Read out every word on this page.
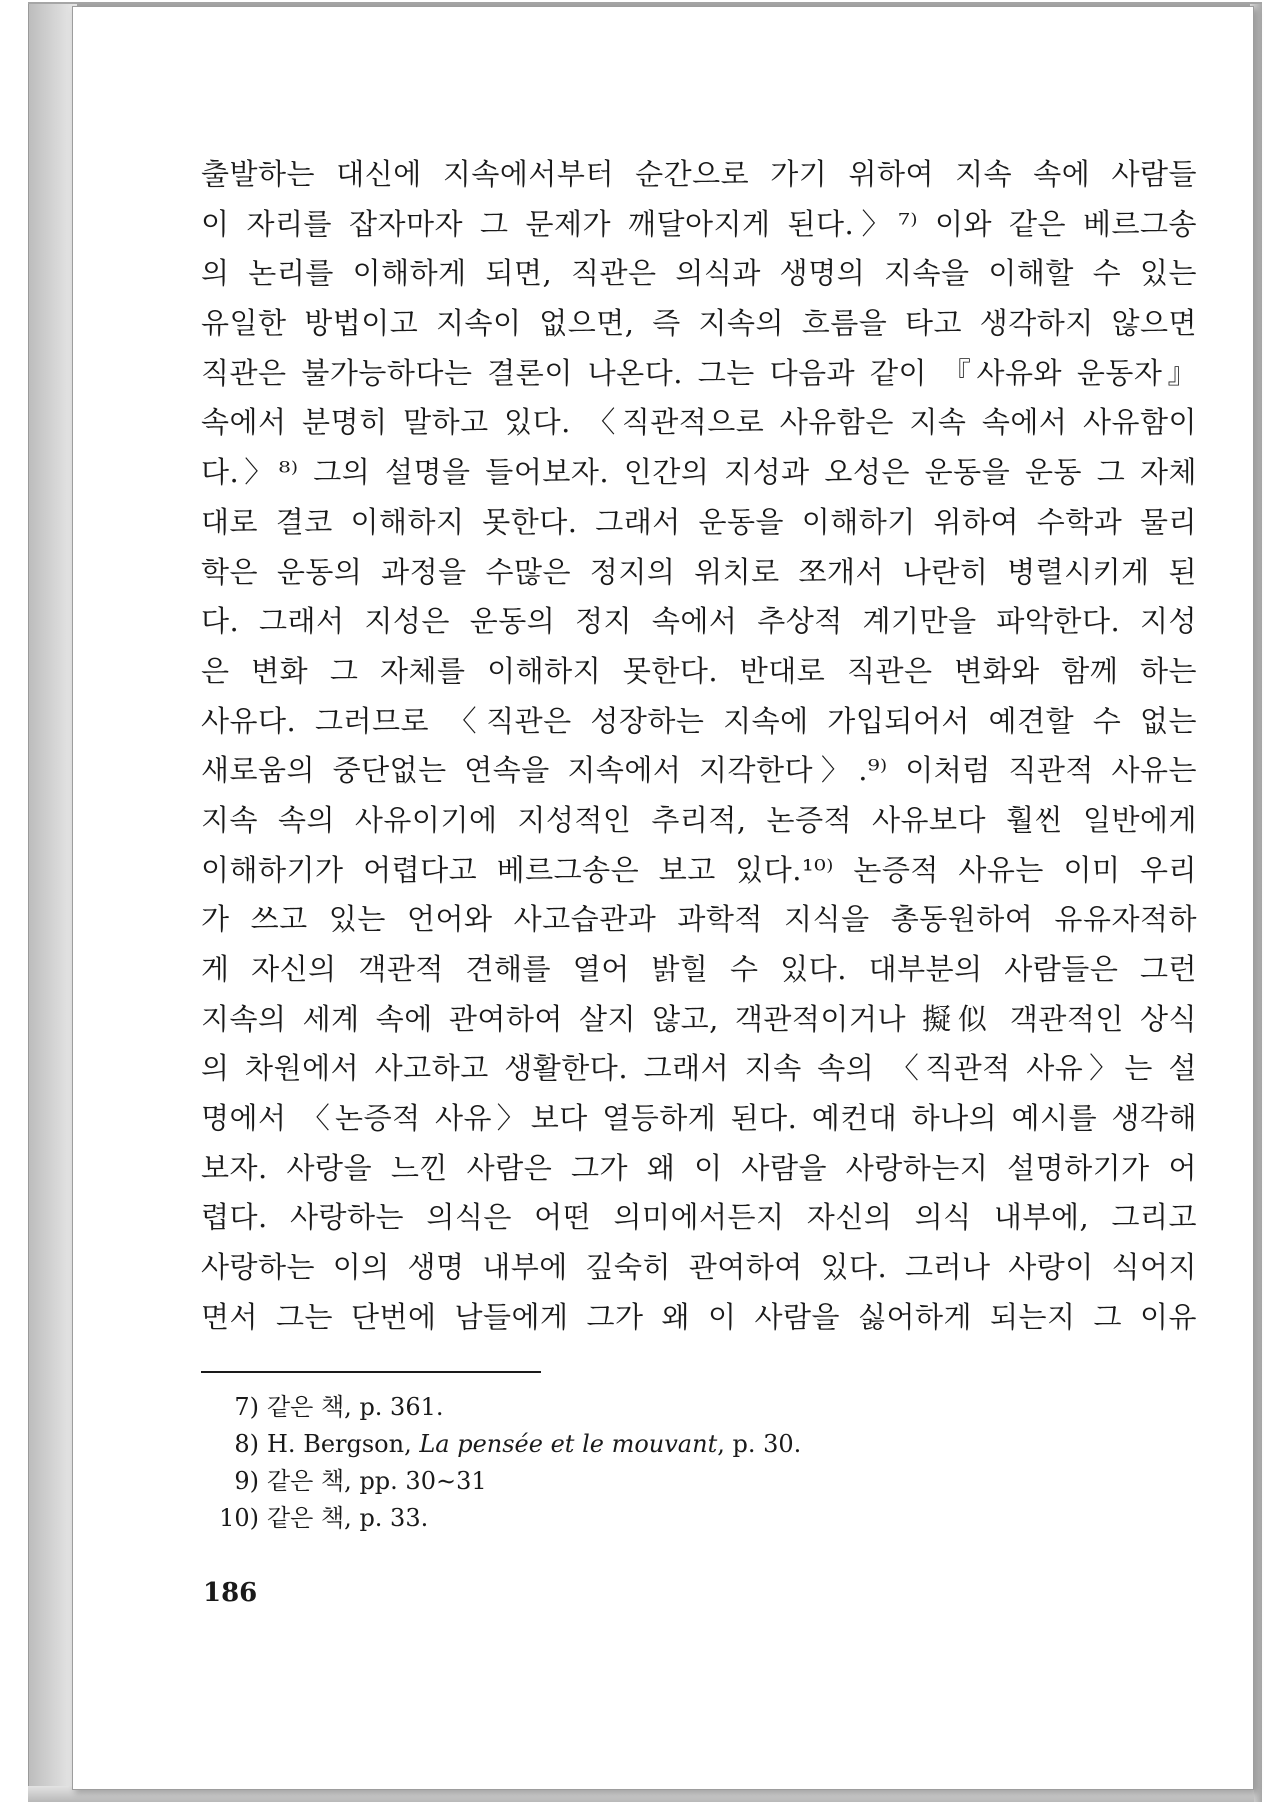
출발하는 대신에 지속에서부터 순간으로 가기 위하여 지속 속에 사람들
이 자리를 잡자마자 그 문제가 깨달아지게 된다.〉⁷⁾ 이와 같은 베르그송
의 논리를 이해하게 되면, 직관은 의식과 생명의 지속을 이해할 수 있는
유일한 방법이고 지속이 없으면, 즉 지속의 흐름을 타고 생각하지 않으면
직관은 불가능하다는 결론이 나온다. 그는 다음과 같이 『사유와 운동자』
속에서 분명히 말하고 있다. 〈직관적으로 사유함은 지속 속에서 사유함이
다.〉⁸⁾ 그의 설명을 들어보자. 인간의 지성과 오성은 운동을 운동 그 자체
대로 결코 이해하지 못한다. 그래서 운동을 이해하기 위하여 수학과 물리
학은 운동의 과정을 수많은 정지의 위치로 쪼개서 나란히 병렬시키게 된
다. 그래서 지성은 운동의 정지 속에서 추상적 계기만을 파악한다. 지성
은 변화 그 자체를 이해하지 못한다. 반대로 직관은 변화와 함께 하는
사유다. 그러므로 〈직관은 성장하는 지속에 가입되어서 예견할 수 없는
새로움의 중단없는 연속을 지속에서 지각한다〉.⁹⁾ 이처럼 직관적 사유는
지속 속의 사유이기에 지성적인 추리적, 논증적 사유보다 훨씬 일반에게
이해하기가 어렵다고 베르그송은 보고 있다.¹⁰⁾ 논증적 사유는 이미 우리
가 쓰고 있는 언어와 사고습관과 과학적 지식을 총동원하여 유유자적하
게 자신의 객관적 견해를 열어 밝힐 수 있다. 대부분의 사람들은 그런
지속의 세계 속에 관여하여 살지 않고, 객관적이거나 擬似 객관적인 상식
의 차원에서 사고하고 생활한다. 그래서 지속 속의 〈직관적 사유〉는 설
명에서 〈논증적 사유〉보다 열등하게 된다. 예컨대 하나의 예시를 생각해
보자. 사랑을 느낀 사람은 그가 왜 이 사람을 사랑하는지 설명하기가 어
렵다. 사랑하는 의식은 어떤 의미에서든지 자신의 의식 내부에, 그리고
사랑하는 이의 생명 내부에 깊숙히 관여하여 있다. 그러나 사랑이 식어지
면서 그는 단번에 남들에게 그가 왜 이 사람을 싫어하게 되는지 그 이유
7) 같은 책, p. 361.
8) H. Bergson, La pensée et le mouvant, p. 30.
9) 같은 책, pp. 30∼31
10) 같은 책, p. 33.
186
